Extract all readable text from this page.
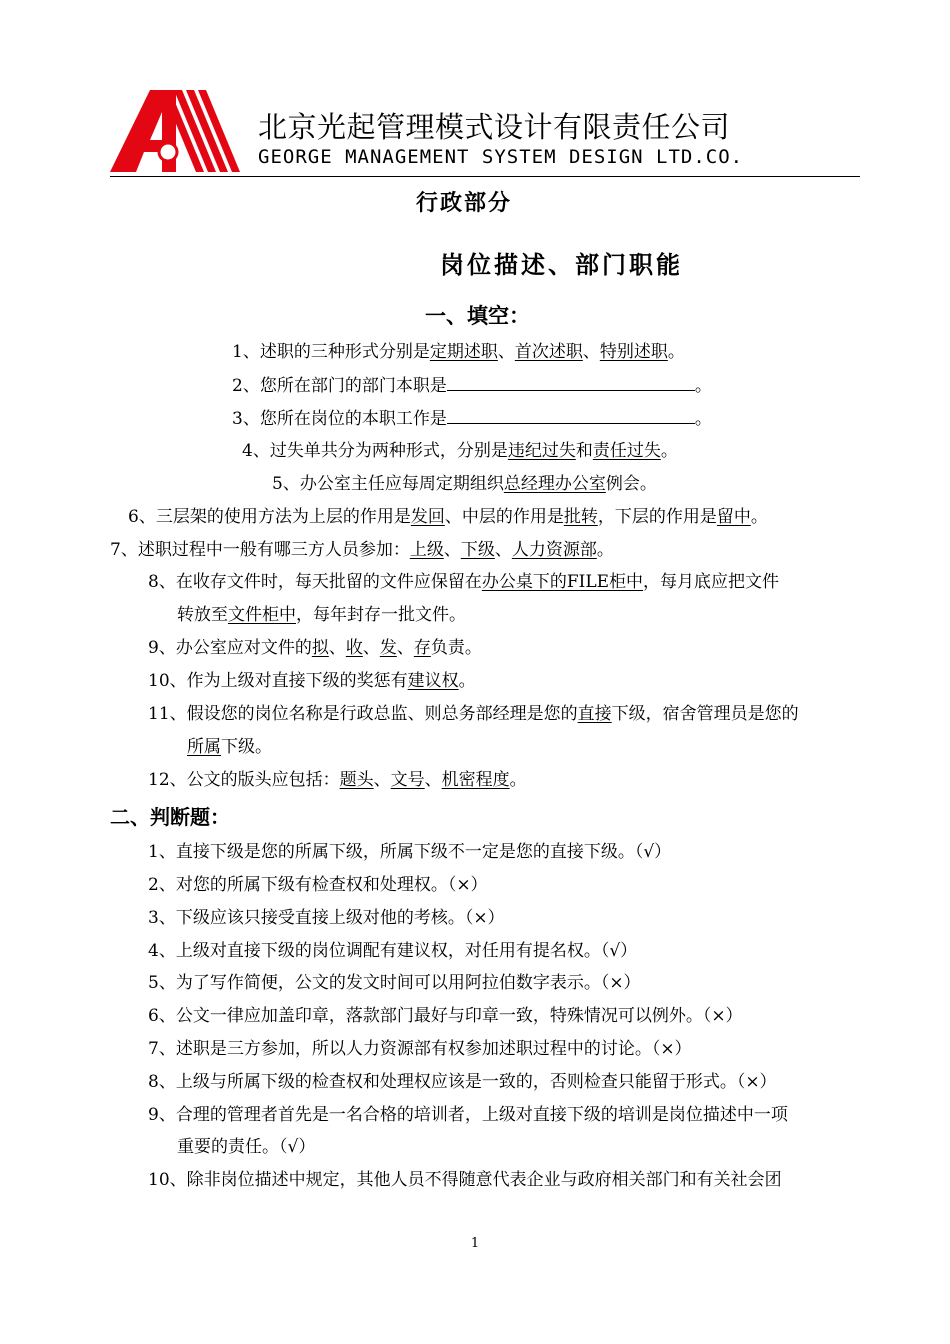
北京光起管理模式设计有限责任公司
GEORGE MANAGEMENT SYSTEM DESIGN LTD.CO.
行政部分
岗位描述、部门职能
一、填空：
1、述职的三种形式分别是定期述职、首次述职、特别述职。
2、您所在部门的部门本职是	。
3、您所在岗位的本职工作是	。
4、过失单共分为两种形式，分别是违纪过失和责任过失。
5、办公室主任应每周定期组织总经理办公室例会。
6、三层架的使用方法为上层的作用是发回、中层的作用是批转，下层的作用是留中。
7、述职过程中一般有哪三方人员参加：上级、下级、人力资源部。
8、在收存文件时，每天批留的文件应保留在办公桌下的FILE柜中，每月底应把文件
转放至文件柜中，每年封存一批文件。
9、办公室应对文件的拟、收、发、存负责。
10、作为上级对直接下级的奖惩有建议权。
11、假设您的岗位名称是行政总监、则总务部经理是您的直接下级，宿舍管理员是您的
所属下级。
12、公文的版头应包括：题头、文号、机密程度。
二、判断题：
1、直接下级是您的所属下级，所属下级不一定是您的直接下级。（√）
2、对您的所属下级有检查权和处理权。（×）
3、下级应该只接受直接上级对他的考核。（×）
4、上级对直接下级的岗位调配有建议权，对任用有提名权。（√）
5、为了写作简便，公文的发文时间可以用阿拉伯数字表示。（×）
6、公文一律应加盖印章，落款部门最好与印章一致，特殊情况可以例外。（×）
7、述职是三方参加，所以人力资源部有权参加述职过程中的讨论。（×）
8、上级与所属下级的检查权和处理权应该是一致的，否则检查只能留于形式。（×）
9、合理的管理者首先是一名合格的培训者，上级对直接下级的培训是岗位描述中一项
重要的责任。（√）
10、除非岗位描述中规定，其他人员不得随意代表企业与政府相关部门和有关社会团
1
